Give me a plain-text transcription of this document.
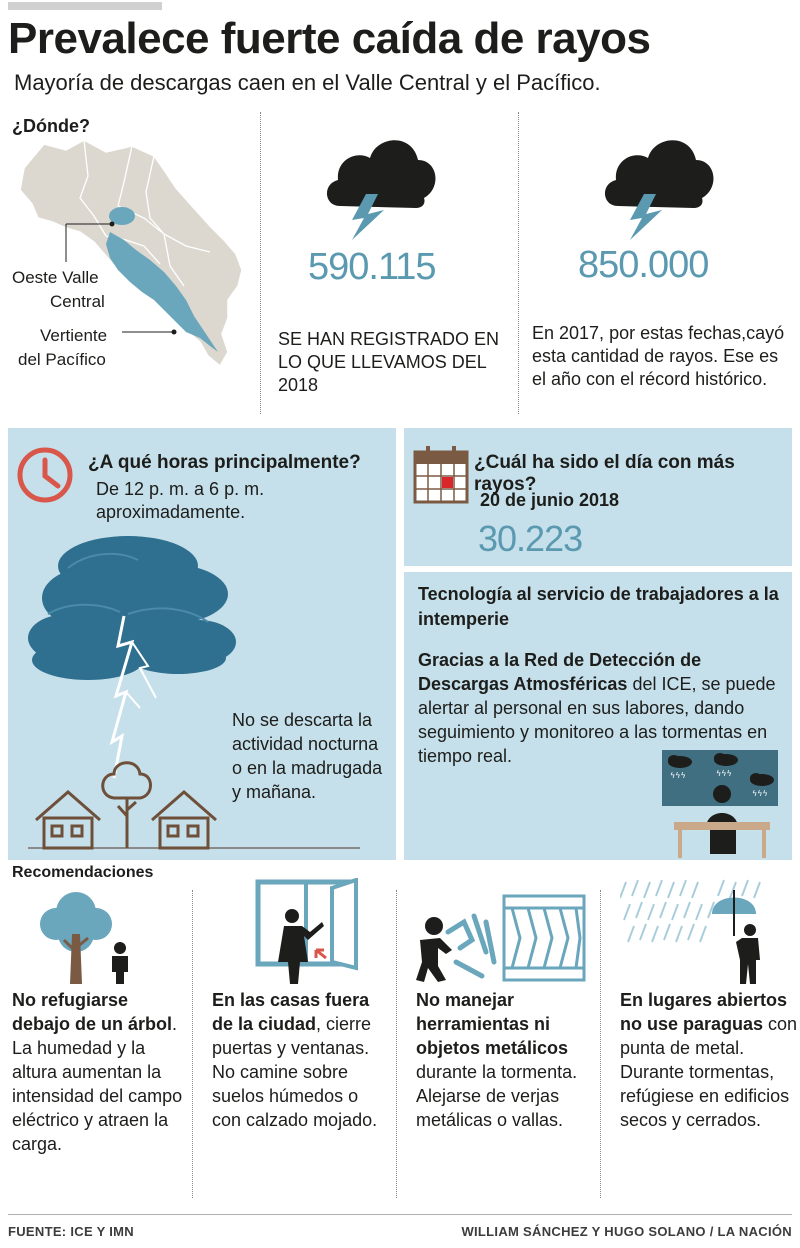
Prevalece fuerte caída de rayos
Mayoría de descargas caen en el Valle Central y el Pacífico.
¿Dónde?
Oeste Valle
Central
Vertiente
del Pacífico
590.115
SE HAN REGISTRADO EN LO QUE LLEVAMOS DEL 2018
850.000
En 2017, por estas fechas,cayó esta cantidad de rayos. Ese es el año con el récord histórico.
¿A qué horas principalmente?
De 12 p. m. a 6 p. m. aproximadamente.
No se descarta la actividad nocturna o en la madrugada y mañana.
¿Cuál ha sido el día con más rayos?
20 de junio 2018
30.223
Tecnología al servicio de trabajadores a la intemperie
Gracias a la Red de Detección de Descargas Atmosféricas del ICE, se puede alertar al personal en sus labores, dando seguimiento y monitoreo a las tormentas en tiempo real.
ϟϟϟ	ϟϟϟ
ϟϟϟ
Recomendaciones
No refugiarse debajo de un árbol. La humedad y la altura aumentan la intensidad del campo eléctrico y atraen la carga.
En las casas fuera de la ciudad, cierre puertas y ventanas. No camine sobre suelos húmedos o con calzado mojado.
No manejar herramientas ni objetos metálicos durante la tormenta. Alejarse de verjas metálicas o vallas.
En lugares abiertos no use paraguas con punta de metal. Durante tormentas, refúgiese en edificios secos y cerrados.
FUENTE: ICE Y IMN	WILLIAM SÁNCHEZ Y HUGO SOLANO / LA NACIÓN
